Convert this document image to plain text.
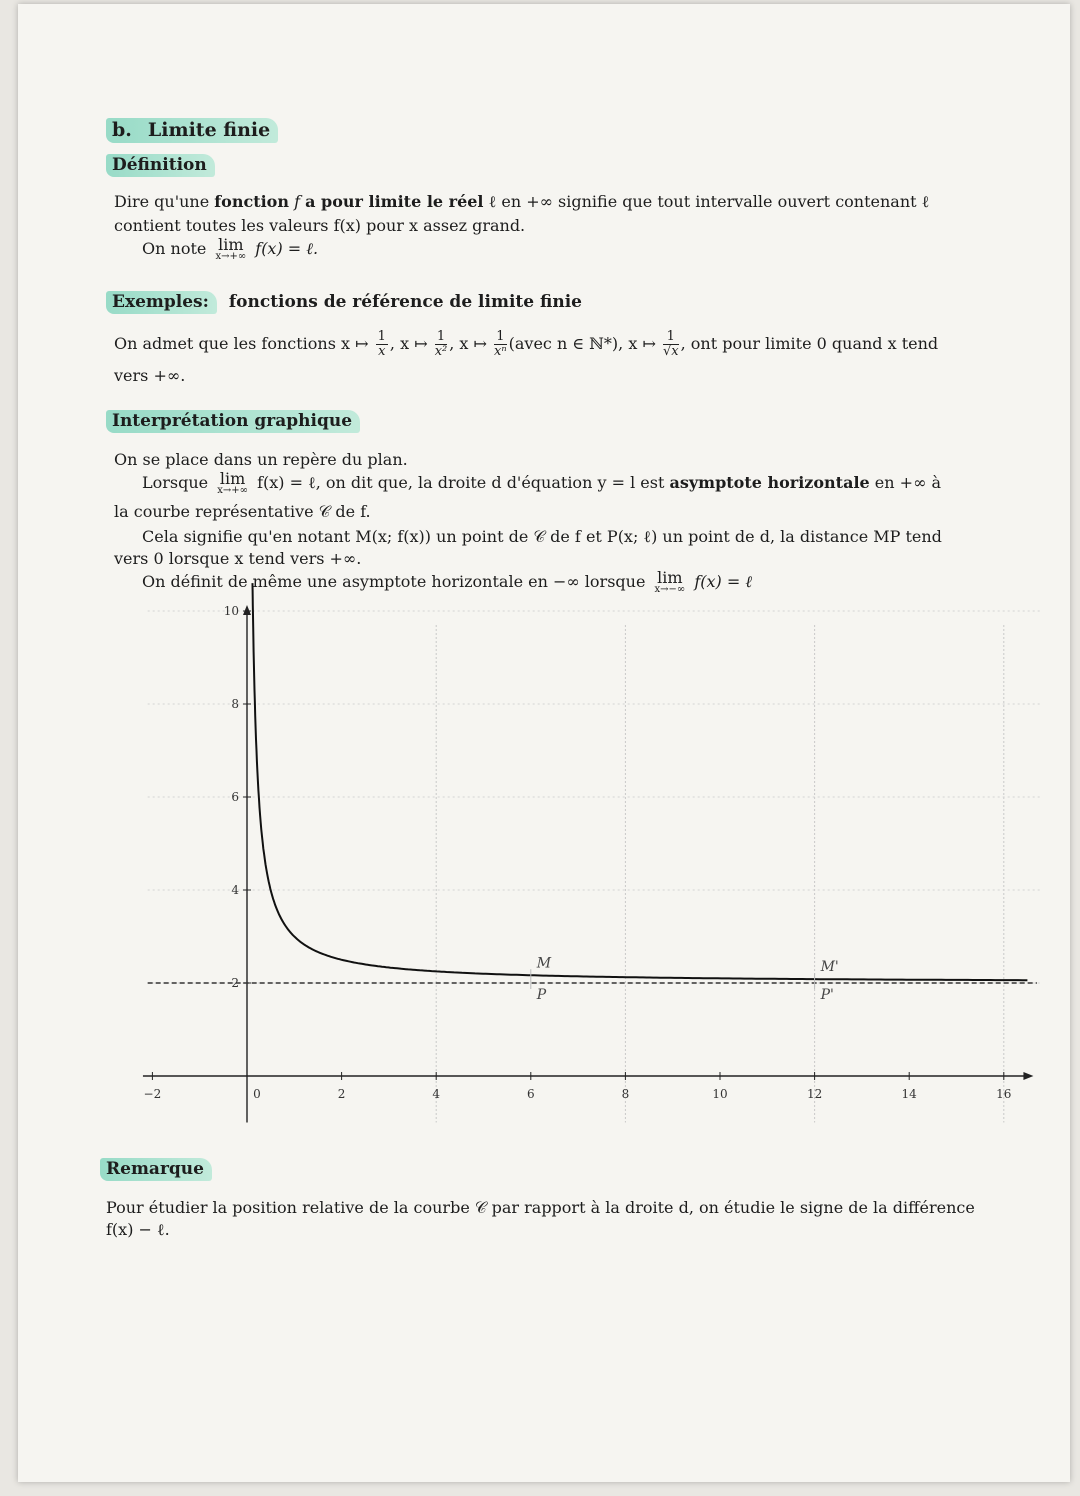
b. Limite finie
Définition
Dire qu'une fonction f a pour limite le réel ℓ en +∞ signifie que tout intervalle ouvert contenant ℓ
contient toutes les valeurs f(x) pour x assez grand.
On note lim
x→+∞ f(x) = ℓ.
Exemples: fonctions de référence de limite finie
On admet que les fonctions x ↦ $\frac{1}{x}$ , x ↦ $\frac{1}{\text{x²}}$ , x ↦ $\frac{1}{\text{xⁿ}}$ (avec n ∈ ℕ*), x ↦ $\frac{1}{√x}$ , ont pour limite 0 quand x tend
vers +∞.
Interprétation graphique
On se place dans un repère du plan.
Lorsque lim
x→+∞ f(x) = ℓ, on dit que, la droite d d'équation y = l est asymptote horizontale en +∞ à
la courbe représentative 𝒞 de f.
Cela signifie qu'en notant M(x; f(x)) un point de 𝒞 de f et P(x; ℓ) un point de d, la distance MP tend
vers 0 lorsque x tend vers +∞.
On définit de même une asymptote horizontale en −∞ lorsque lim
x→−∞ f(x) = ℓ
−2	0	2	4	6	8	10	12	14	16
2
4
6
8
10
M
P
M'
P'
Remarque
Pour étudier la position relative de la courbe 𝒞 par rapport à la droite d, on étudie le signe de la différence
f(x) − ℓ.
